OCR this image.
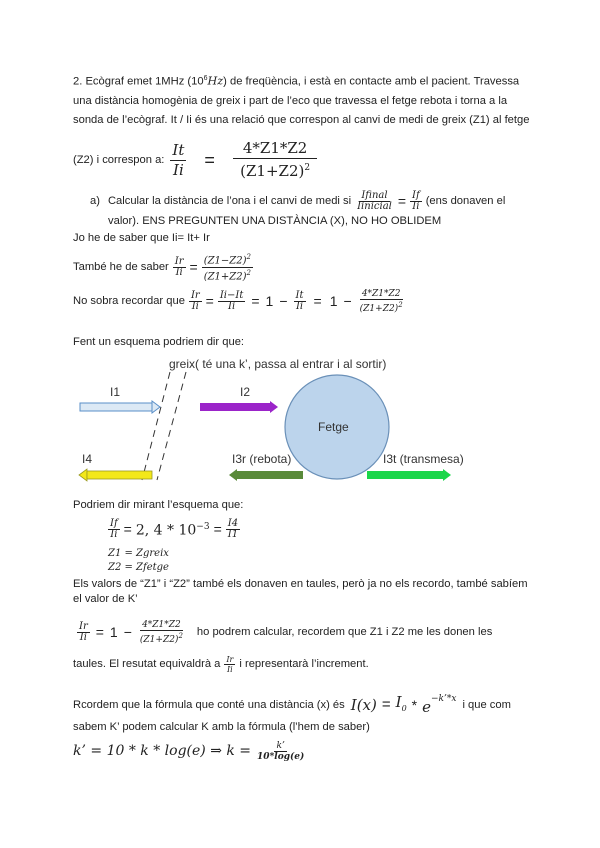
2. Ecògraf emet 1MHz $(10^6Hz)$ de freqüència, i està en contacte amb el pacient. Travessa
una distància homogènia de greix i part de l’eco que travessa el fetge rebota i torna a la
sonda de l’ecògraf. It / Ii és una relació que correspon al canvi de medi de greix (Z1) al fetge
(Z2) i correspon a: $\frac{It}{Ii} = \frac{4*Z1*Z2}{(Z1+Z2)^2}$
a) Calcular la distància de l’ona i el canvi de medi si $\frac{\text{Ifinal}}{\text{Iinicial}} = \frac{If}{Ii} (ens$ donaven el
valor). ENS PREGUNTEN UNA DISTÀNCIA (X), NO HO OBLIDEM
Jo he de saber que Ii= It+ Ir
També he de saber $\frac{Ir}{Ii} = \frac{(Z1-Z2)^2}{(Z1+Z2)^2}$
No sobra recordar que $\frac{Ir}{Ii} = \frac{Ii-It}{Ii} = 1 - \frac{It}{Ii} = 1 - \frac{4*Z1*Z2}{(Z1+Z2)^2}$
Fent un esquema podriem dir que:
greix( té una k’, passa al entrar i al sortir)
I1	I2
Fetge
I4	I3r (rebota)	I3t (transmesa)
Podriem dir mirant l’esquema que:
$\frac{If}{Ii} = 2$, $4 * 10^{-3} = \frac{I4}{I1}$
Z1 = Zgreix
Z2 = Zfetge
Els valors de “Z1” i “Z2” també els donaven en taules, però ja no els recordo, també sabíem
el valor de K’
$\frac{Ir}{Ii} = 1 - \frac{4*Z1*Z2}{(Z1+Z2)^2}$ ho podrem calcular, recordem que Z1 i Z2 me les donen les
taules. El resutat equivaldrà a $\frac{Ir}{Ii}$ i representarà l’increment.
Rcordem que la fórmula que conté una distància (x) és $I(x) = I_0 * e^{-k’*x}$
i que com
sabem K’ podem calcular K amb la fórmula (l’hem de saber)
k’ = 10 * k * log(e) ⇒ $k = \frac{k’}{10*\log(e)}$
